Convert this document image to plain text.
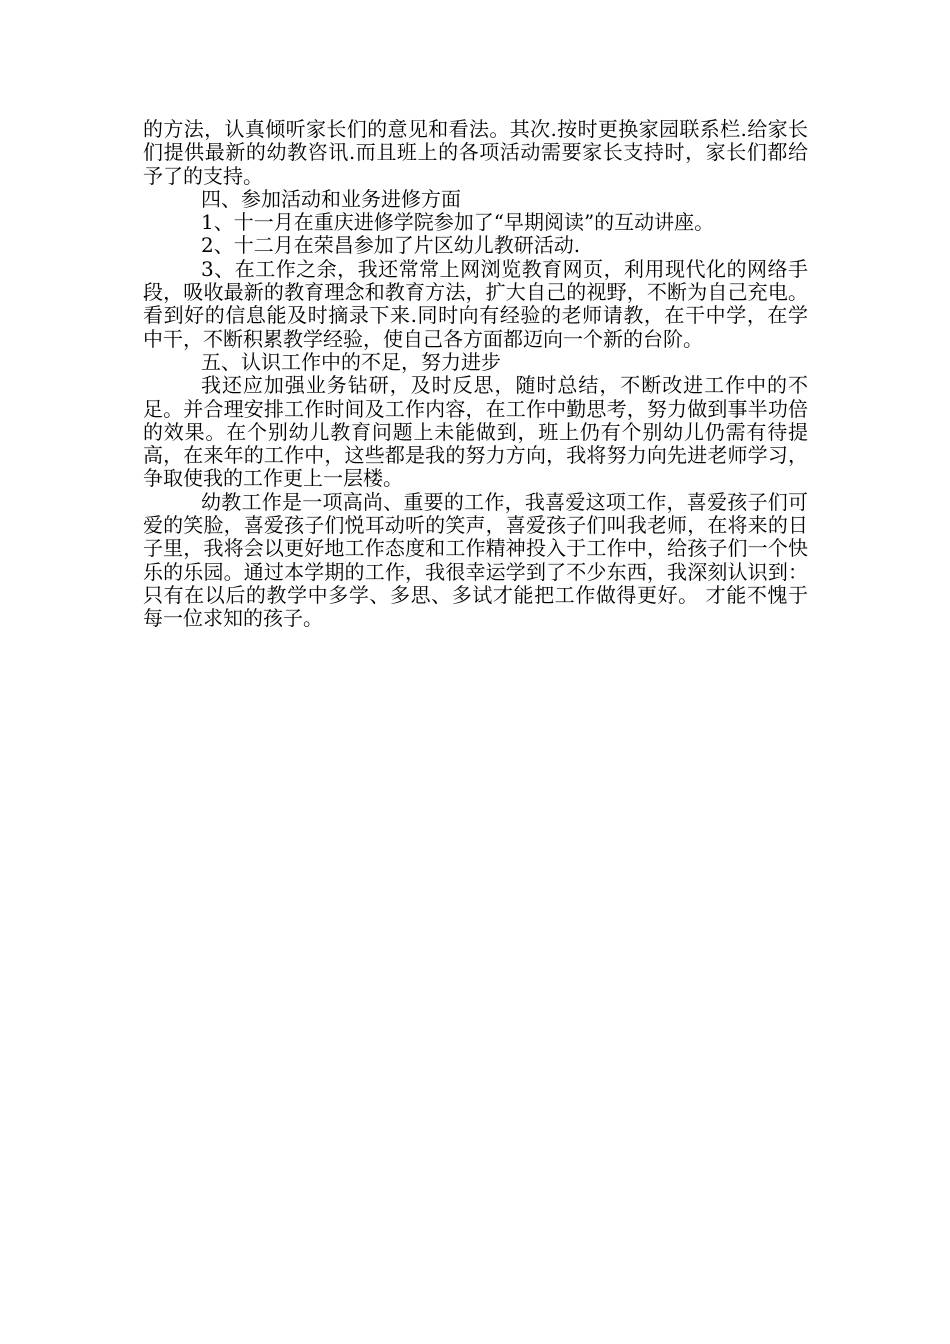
的方法，认真倾听家长们的意见和看法。其次.按时更换家园联系栏.给家长们提供最新的幼教咨讯.而且班上的各项活动需要家长支持时，家长们都给予了的支持。

四、参加活动和业务进修方面

1、十一月在重庆进修学院参加了“早期阅读”的互动讲座。

2、十二月在荣昌参加了片区幼儿教研活动.

3、在工作之余，我还常常上网浏览教育网页，利用现代化的网络手段，吸收最新的教育理念和教育方法，扩大自己的视野，不断为自己充电。看到好的信息能及时摘录下来.同时向有经验的老师请教，在干中学，在学中干，不断积累教学经验，使自己各方面都迈向一个新的台阶。

五、认识工作中的不足，努力进步

我还应加强业务钻研，及时反思，随时总结，不断改进工作中的不足。并合理安排工作时间及工作内容，在工作中勤思考，努力做到事半功倍的效果。在个别幼儿教育问题上未能做到，班上仍有个别幼儿仍需有待提高，在来年的工作中，这些都是我的努力方向，我将努力向先进老师学习，争取使我的工作更上一层楼。

幼教工作是一项高尚、重要的工作，我喜爱这项工作，喜爱孩子们可爱的笑脸，喜爱孩子们悦耳动听的笑声，喜爱孩子们叫我老师，在将来的日子里，我将会以更好地工作态度和工作精神投入于工作中，给孩子们一个快乐的乐园。通过本学期的工作，我很幸运学到了不少东西，我深刻认识到：只有在以后的教学中多学、多思、多试才能把工作做得更好。 才能不愧于每一位求知的孩子。
